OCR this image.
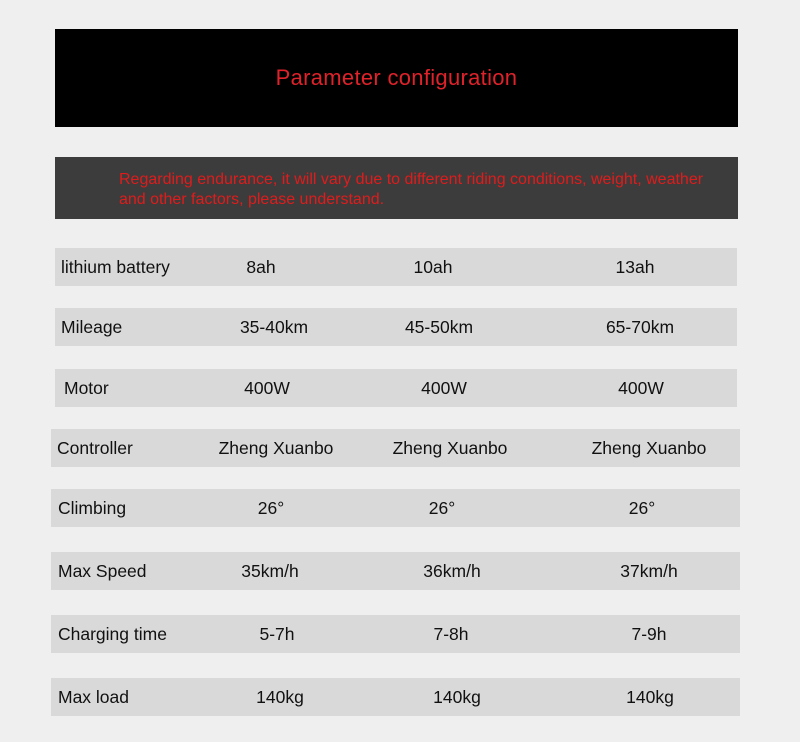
Parameter configuration
Regarding endurance, it will vary due to different riding conditions, weight, weather and other factors, please understand.
lithium battery	8ah	10ah	13ah
Mileage	35-40km	45-50km	65-70km
Motor	400W	400W	400W
Controller	Zheng Xuanbo	Zheng Xuanbo	Zheng Xuanbo
Climbing	26°	26°	26°
Max Speed	35km/h	36km/h	37km/h
Charging time	5-7h	7-8h	7-9h
Max load	140kg	140kg	140kg
